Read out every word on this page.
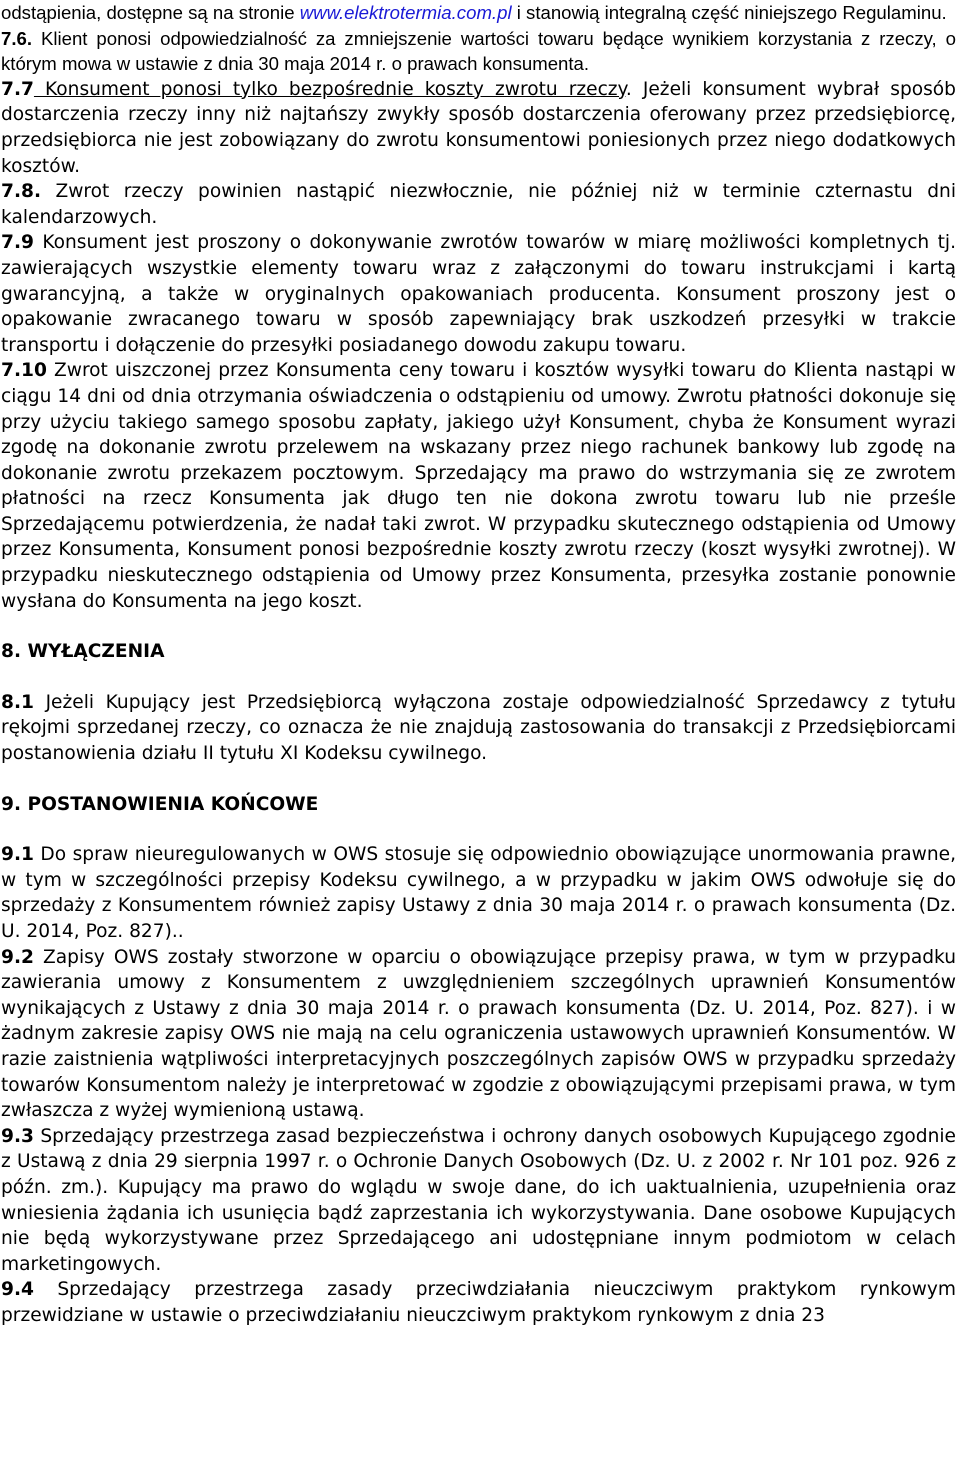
odstąpienia, dostępne są na stronie www.elektrotermia.com.pl i stanowią integralną część niniejszego Regulaminu.

7.6. Klient ponosi odpowiedzialność za zmniejszenie wartości towaru będące wynikiem korzystania z rzeczy, o którym mowa w ustawie z dnia 30 maja 2014 r. o prawach konsumenta.

7.7 Konsument ponosi tylko bezpośrednie koszty zwrotu rzeczy. Jeżeli konsument wybrał sposób dostarczenia rzeczy inny niż najtańszy zwykły sposób dostarczenia oferowany przez przedsiębiorcę, przedsiębiorca nie jest zobowiązany do zwrotu konsumentowi poniesionych przez niego dodatkowych kosztów.

7.8. Zwrot rzeczy powinien nastąpić niezwłocznie, nie później niż w terminie czternastu dni kalendarzowych.

7.9 Konsument jest proszony o dokonywanie zwrotów towarów w miarę możliwości kompletnych tj. zawierających wszystkie elementy towaru wraz z załączonymi do towaru instrukcjami i kartą gwarancyjną, a także w oryginalnych opakowaniach producenta. Konsument proszony jest o opakowanie zwracanego towaru w sposób zapewniający brak uszkodzeń przesyłki w trakcie transportu i dołączenie do przesyłki posiadanego dowodu zakupu towaru.

7.10 Zwrot uiszczonej przez Konsumenta ceny towaru i kosztów wysyłki towaru do Klienta nastąpi w ciągu 14 dni od dnia otrzymania oświadczenia o odstąpieniu od umowy. Zwrotu płatności dokonuje się przy użyciu takiego samego sposobu zapłaty, jakiego użył Konsument, chyba że Konsument wyrazi zgodę na dokonanie zwrotu przelewem na wskazany przez niego rachunek bankowy lub zgodę na dokonanie zwrotu przekazem pocztowym. Sprzedający ma prawo do wstrzymania się ze zwrotem płatności na rzecz Konsumenta jak długo ten nie dokona zwrotu towaru lub nie prześle Sprzedającemu potwierdzenia, że nadał taki zwrot. W przypadku skutecznego odstąpienia od Umowy przez Konsumenta, Konsument ponosi bezpośrednie koszty zwrotu rzeczy (koszt wysyłki zwrotnej). W przypadku nieskutecznego odstąpienia od Umowy przez Konsumenta, przesyłka zostanie ponownie wysłana do Konsumenta na jego koszt.

8. WYŁĄCZENIA

8.1 Jeżeli Kupujący jest Przedsiębiorcą wyłączona zostaje odpowiedzialność Sprzedawcy z tytułu rękojmi sprzedanej rzeczy, co oznacza że nie znajdują zastosowania do transakcji z Przedsiębiorcami postanowienia działu II tytułu XI Kodeksu cywilnego.

9. POSTANOWIENIA KOŃCOWE

9.1 Do spraw nieuregulowanych w OWS stosuje się odpowiednio obowiązujące unormowania prawne, w tym w szczególności przepisy Kodeksu cywilnego, a w przypadku w jakim OWS odwołuje się do sprzedaży z Konsumentem również zapisy Ustawy z dnia 30 maja 2014 r. o prawach konsumenta (Dz. U. 2014, Poz. 827)..

9.2 Zapisy OWS zostały stworzone w oparciu o obowiązujące przepisy prawa, w tym w przypadku zawierania umowy z Konsumentem z uwzględnieniem szczególnych uprawnień Konsumentów wynikających z Ustawy z dnia 30 maja 2014 r. o prawach konsumenta (Dz. U. 2014, Poz. 827). i w żadnym zakresie zapisy OWS nie mają na celu ograniczenia ustawowych uprawnień Konsumentów. W razie zaistnienia wątpliwości interpretacyjnych poszczególnych zapisów OWS w przypadku sprzedaży towarów Konsumentom należy je interpretować w zgodzie z obowiązującymi przepisami prawa, w tym zwłaszcza z wyżej wymienioną ustawą.

9.3 Sprzedający przestrzega zasad bezpieczeństwa i ochrony danych osobowych Kupującego zgodnie z Ustawą z dnia 29 sierpnia 1997 r. o Ochronie Danych Osobowych (Dz. U. z 2002 r. Nr 101 poz. 926 z późn. zm.). Kupujący ma prawo do wglądu w swoje dane, do ich uaktualnienia, uzupełnienia oraz wniesienia żądania ich usunięcia bądź zaprzestania ich wykorzystywania. Dane osobowe Kupujących nie będą wykorzystywane przez Sprzedającego ani udostępniane innym podmiotom w celach marketingowych.

9.4 Sprzedający przestrzega zasady przeciwdziałania nieuczciwym praktykom rynkowym przewidziane w ustawie o przeciwdziałaniu nieuczciwym praktykom rynkowym z dnia 23
